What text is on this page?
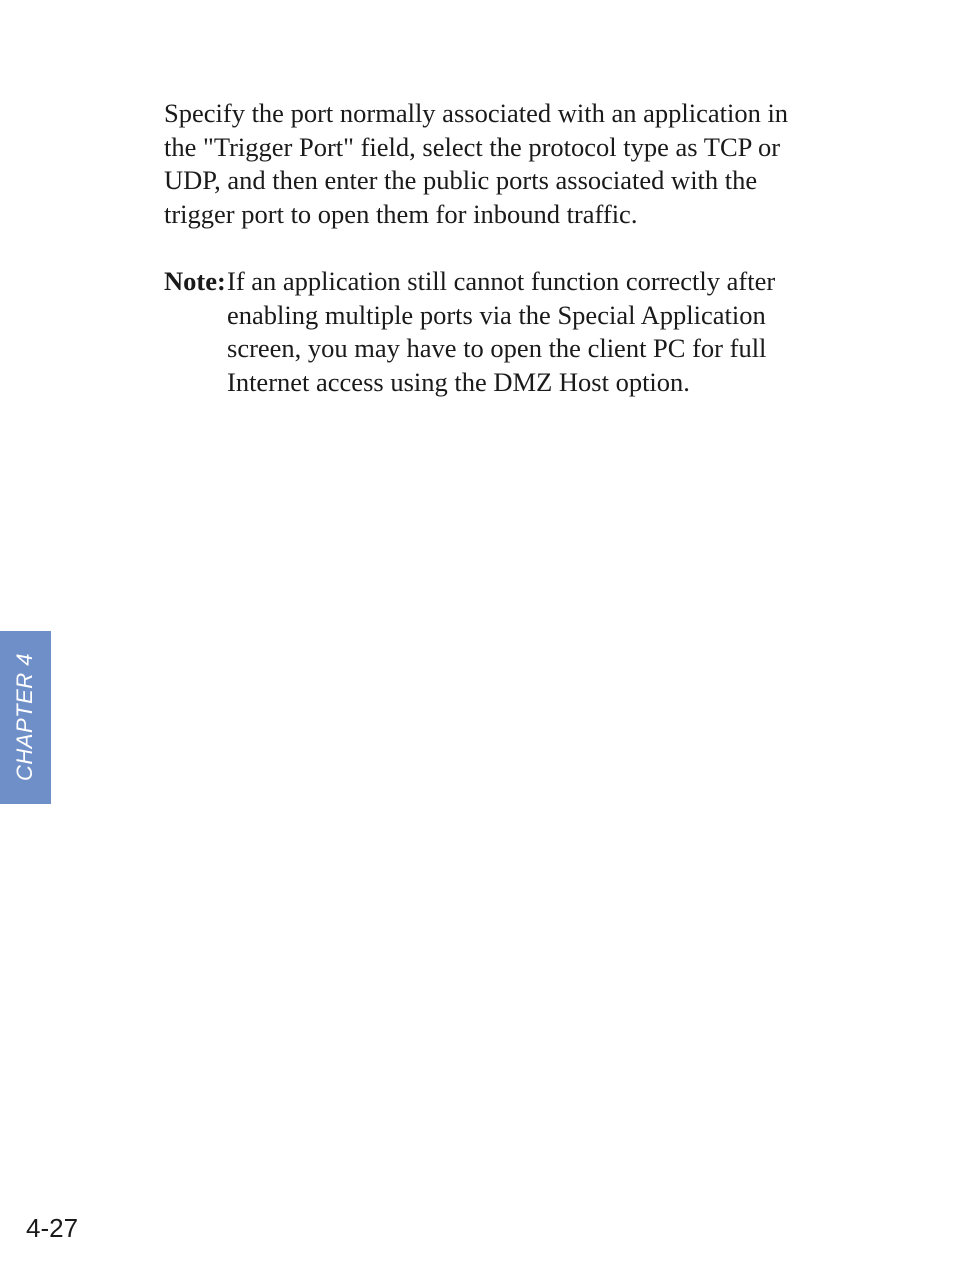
Specify the port normally associated with an application in
the "Trigger Port" field, select the protocol type as TCP or
UDP, and then enter the public ports associated with the
trigger port to open them for inbound traffic.

Note:If an application still cannot function correctly after
enabling multiple ports via the Special Application
screen, you may have to open the client PC for full
Internet access using the DMZ Host option.
CHAPTER 4
4-27
